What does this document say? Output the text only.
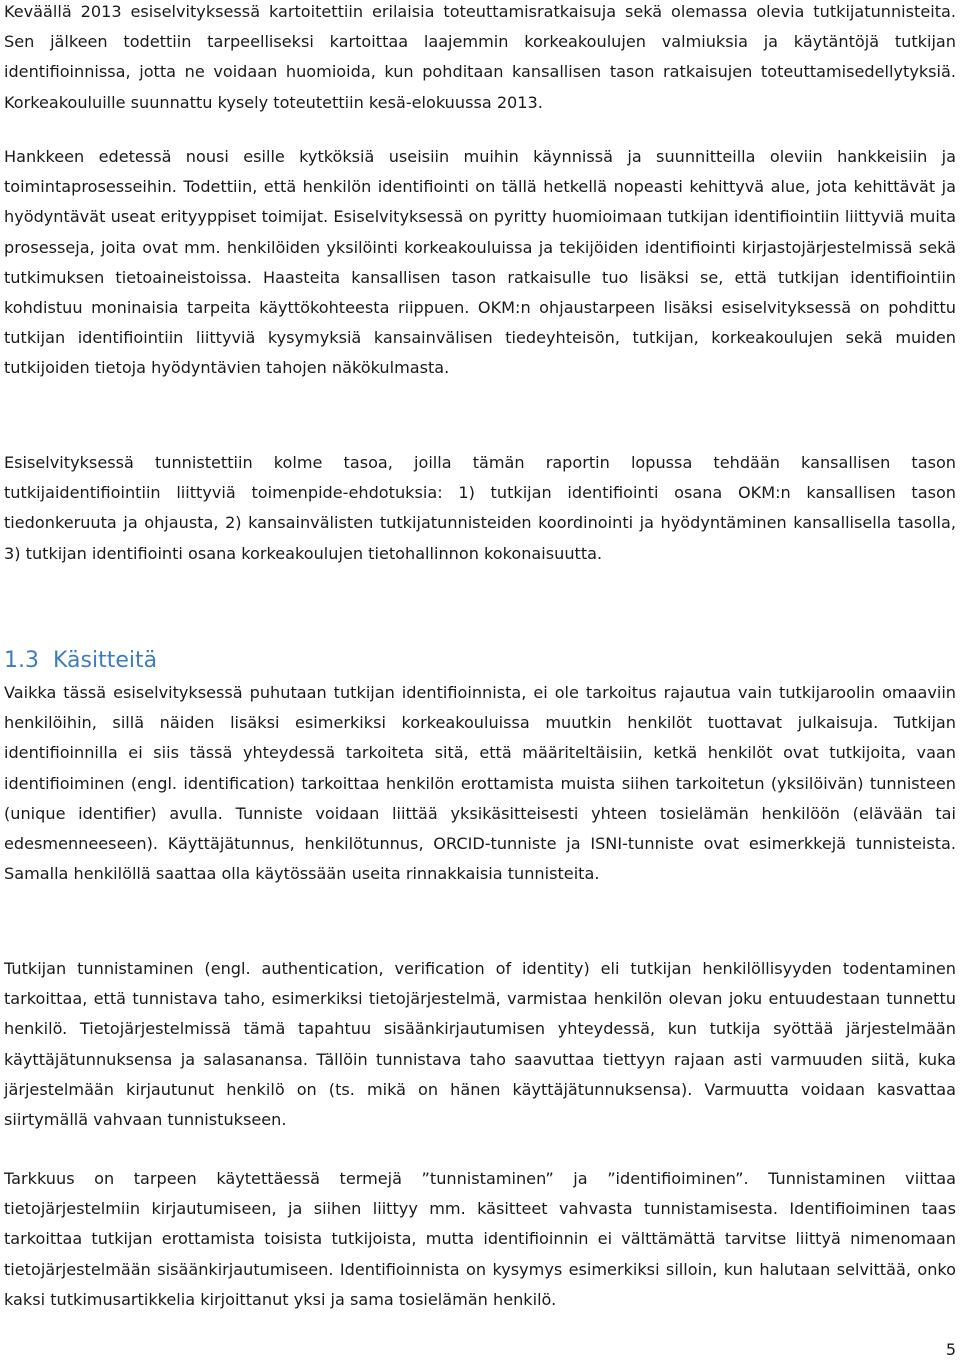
Keväällä 2013 esiselvityksessä kartoitettiin erilaisia toteuttamisratkaisuja sekä olemassa olevia tutkijatunnisteita. Sen jälkeen todettiin tarpeelliseksi kartoittaa laajemmin korkeakoulujen valmiuksia ja käytäntöjä tutkijan identifioinnissa, jotta ne voidaan huomioida, kun pohditaan kansallisen tason ratkaisujen toteuttamisedellytyksiä. Korkeakouluille suunnattu kysely toteutettiin kesä-elokuussa 2013.

Hankkeen edetessä nousi esille kytköksiä useisiin muihin käynnissä ja suunnitteilla oleviin hankkeisiin ja toimintaprosesseihin. Todettiin, että henkilön identifiointi on tällä hetkellä nopeasti kehittyvä alue, jota kehittävät ja hyödyntävät useat erityyppiset toimijat. Esiselvityksessä on pyritty huomioimaan tutkijan identifiointiin liittyviä muita prosesseja, joita ovat mm. henkilöiden yksilöinti korkeakouluissa ja tekijöiden identifiointi kirjastojärjestelmissä sekä tutkimuksen tietoaineistoissa. Haasteita kansallisen tason ratkaisulle tuo lisäksi se, että tutkijan identifiointiin kohdistuu moninaisia tarpeita käyttökohteesta riippuen. OKM:n ohjaustarpeen lisäksi esiselvityksessä on pohdittu tutkijan identifiointiin liittyviä kysymyksiä kansainvälisen tiedeyhteisön, tutkijan, korkeakoulujen sekä muiden tutkijoiden tietoja hyödyntävien tahojen näkökulmasta.

Esiselvityksessä tunnistettiin kolme tasoa, joilla tämän raportin lopussa tehdään kansallisen tason tutkijaidentifiointiin liittyviä toimenpide-ehdotuksia: 1) tutkijan identifiointi osana OKM:n kansallisen tason tiedonkeruuta ja ohjausta, 2) kansainvälisten tutkijatunnisteiden koordinointi ja hyödyntäminen kansallisella tasolla, 3) tutkijan identifiointi osana korkeakoulujen tietohallinnon kokonaisuutta.

1.3 Käsitteitä

Vaikka tässä esiselvityksessä puhutaan tutkijan identifioinnista, ei ole tarkoitus rajautua vain tutkijaroolin omaaviin henkilöihin, sillä näiden lisäksi esimerkiksi korkeakouluissa muutkin henkilöt tuottavat julkaisuja. Tutkijan identifioinnilla ei siis tässä yhteydessä tarkoiteta sitä, että määriteltäisiin, ketkä henkilöt ovat tutkijoita, vaan identifioiminen (engl. identification) tarkoittaa henkilön erottamista muista siihen tarkoitetun (yksilöivän) tunnisteen (unique identifier) avulla. Tunniste voidaan liittää yksikäsitteisesti yhteen tosielämän henkilöön (elävään tai edesmenneeseen). Käyttäjätunnus, henkilötunnus, ORCID-tunniste ja ISNI-tunniste ovat esimerkkejä tunnisteista. Samalla henkilöllä saattaa olla käytössään useita rinnakkaisia tunnisteita.

Tutkijan tunnistaminen (engl. authentication, verification of identity) eli tutkijan henkilöllisyyden todentaminen tarkoittaa, että tunnistava taho, esimerkiksi tietojärjestelmä, varmistaa henkilön olevan joku entuudestaan tunnettu henkilö. Tietojärjestelmissä tämä tapahtuu sisäänkirjautumisen yhteydessä, kun tutkija syöttää järjestelmään käyttäjätunnuksensa ja salasanansa. Tällöin tunnistava taho saavuttaa tiettyyn rajaan asti varmuuden siitä, kuka järjestelmään kirjautunut henkilö on (ts. mikä on hänen käyttäjätunnuksensa). Varmuutta voidaan kasvattaa siirtymällä vahvaan tunnistukseen.

Tarkkuus on tarpeen käytettäessä termejä ”tunnistaminen” ja ”identifioiminen”. Tunnistaminen viittaa tietojärjestelmiin kirjautumiseen, ja siihen liittyy mm. käsitteet vahvasta tunnistamisesta. Identifioiminen taas tarkoittaa tutkijan erottamista toisista tutkijoista, mutta identifioinnin ei välttämättä tarvitse liittyä nimenomaan tietojärjestelmään sisäänkirjautumiseen. Identifioinnista on kysymys esimerkiksi silloin, kun halutaan selvittää, onko kaksi tutkimusartikkelia kirjoittanut yksi ja sama tosielämän henkilö.

5
